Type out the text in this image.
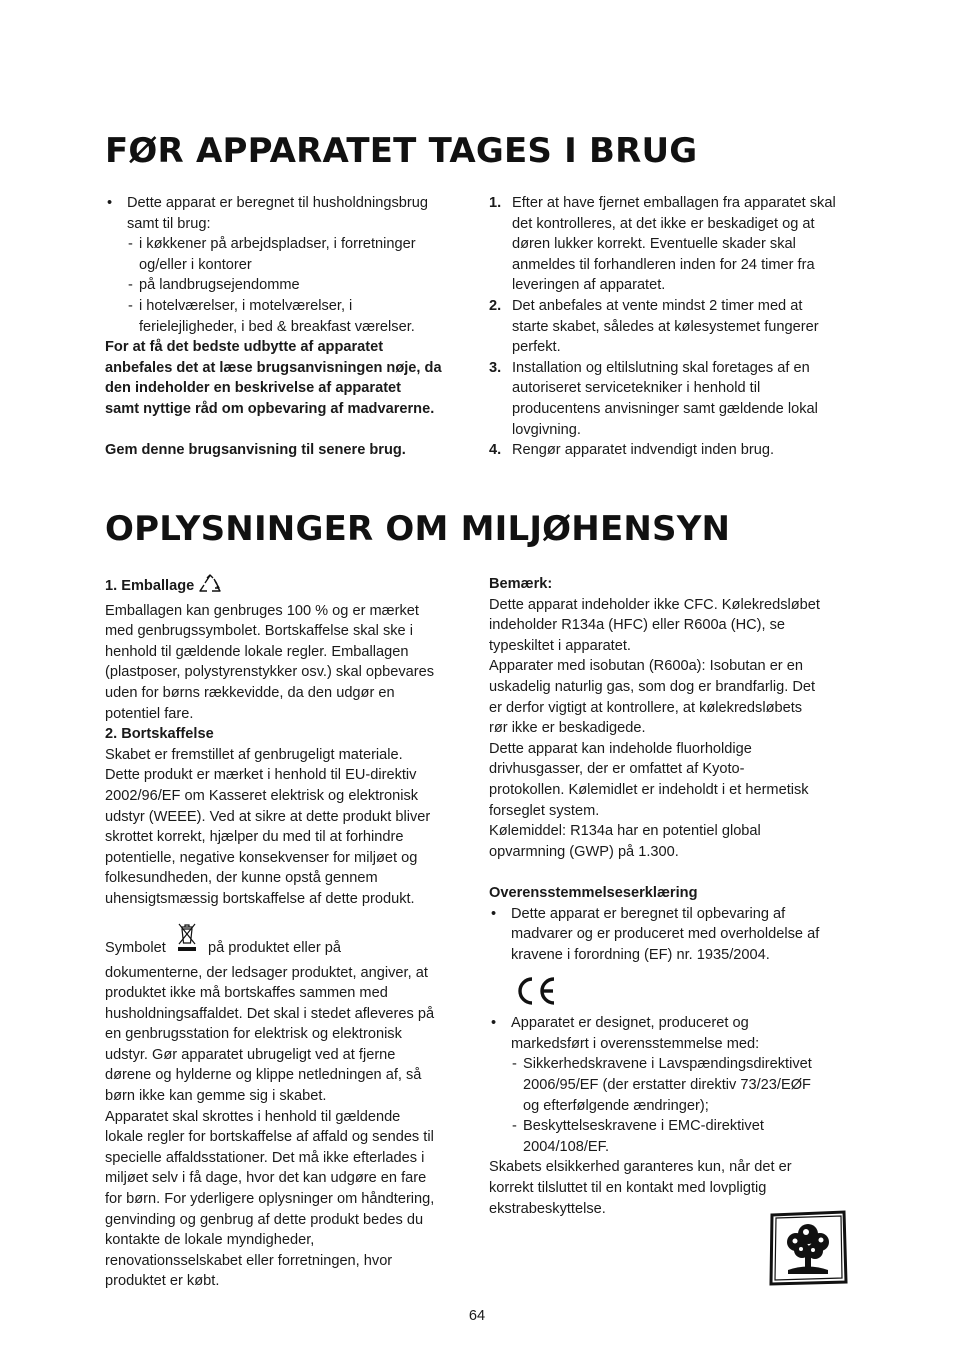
FØR APPARATET TAGES I BRUG

• Dette apparat er beregnet til husholdningsbrug
samt til brug:

- i køkkener på arbejdspladser, i forretninger
og/eller i kontorer

- på landbrugsejendomme

- i hotelværelser, i motelværelser, i
ferielejligheder, i bed & breakfast værelser.

For at få det bedste udbytte af apparatet
anbefales det at læse brugsanvisningen nøje, da
den indeholder en beskrivelse af apparatet
samt nyttige råd om opbevaring af madvarerne.

Gem denne brugsanvisning til senere brug.

1. Efter at have fjernet emballagen fra apparatet skal
det kontrolleres, at det ikke er beskadiget og at
døren lukker korrekt. Eventuelle skader skal
anmeldes til forhandleren inden for 24 timer fra
leveringen af apparatet.
2. Det anbefales at vente mindst 2 timer med at
starte skabet, således at kølesystemet fungerer
perfekt.
3. Installation og eltilslutning skal foretages af en
autoriseret servicetekniker i henhold til
producentens anvisninger samt gældende lokal
lovgivning.
4. Rengør apparatet indvendigt inden brug.
OPLYSNINGER OM MILJØHENSYN

1. Emballage

Emballagen kan genbruges 100 % og er mærket
med genbrugssymbolet. Bortskaffelse skal ske i
henhold til gældende lokale regler. Emballagen
(plastposer, polystyrenstykker osv.) skal opbevares
uden for børns rækkevidde, da den udgør en
potentiel fare.

2. Bortskaffelse

Skabet er fremstillet af genbrugeligt materiale.
Dette produkt er mærket i henhold til EU-direktiv
2002/96/EF om Kasseret elektrisk og elektronisk
udstyr (WEEE). Ved at sikre at dette produkt bliver
skrottet korrekt, hjælper du med til at forhindre
potentielle, negative konsekvenser for miljøet og
folkesundheden, der kunne opstå gennem
uhensigtsmæssig bortskaffelse af dette produkt.

Symbolet	på produktet eller på

dokumenterne, der ledsager produktet, angiver, at
produktet ikke må bortskaffes sammen med
husholdningsaffaldet. Det skal i stedet afleveres på
en genbrugsstation for elektrisk og elektronisk
udstyr. Gør apparatet ubrugeligt ved at fjerne
dørene og hylderne og klippe netledningen af, så
børn ikke kan gemme sig i skabet.
Apparatet skal skrottes i henhold til gældende
lokale regler for bortskaffelse af affald og sendes til
specielle affaldsstationer. Det må ikke efterlades i
miljøet selv i få dage, hvor det kan udgøre en fare
for børn. For yderligere oplysninger om håndtering,
genvinding og genbrug af dette produkt bedes du
kontakte de lokale myndigheder,
renovationsselskabet eller forretningen, hvor
produktet er købt.

Bemærk:

Dette apparat indeholder ikke CFC. Kølekredsløbet
indeholder R134a (HFC) eller R600a (HC), se
typeskiltet i apparatet.
Apparater med isobutan (R600a): Isobutan er en
uskadelig naturlig gas, som dog er brandfarlig. Det
er derfor vigtigt at kontrollere, at kølekredsløbets
rør ikke er beskadigede.
Dette apparat kan indeholde fluorholdige
drivhusgasser, der er omfattet af Kyoto-
protokollen. Kølemidlet er indeholdt i et hermetisk
forseglet system.
Kølemiddel: R134a har en potentiel global
opvarmning (GWP) på 1.300.

Overensstemmelseserklæring

• Dette apparat er beregnet til opbevaring af
madvarer og er produceret med overholdelse af
kravene i forordning (EF) nr. 1935/2004.

• Apparatet er designet, produceret og
markedsført i overensstemmelse med:

- Sikkerhedskravene i Lavspændingsdirektivet
2006/95/EF (der erstatter direktiv 73/23/EØF
og efterfølgende ændringer);

- Beskyttelseskravene i EMC-direktivet
2004/108/EF.

Skabets elsikkerhed garanteres kun, når det er
korrekt tilsluttet til en kontakt med lovpligtig
ekstrabeskyttelse.

64
